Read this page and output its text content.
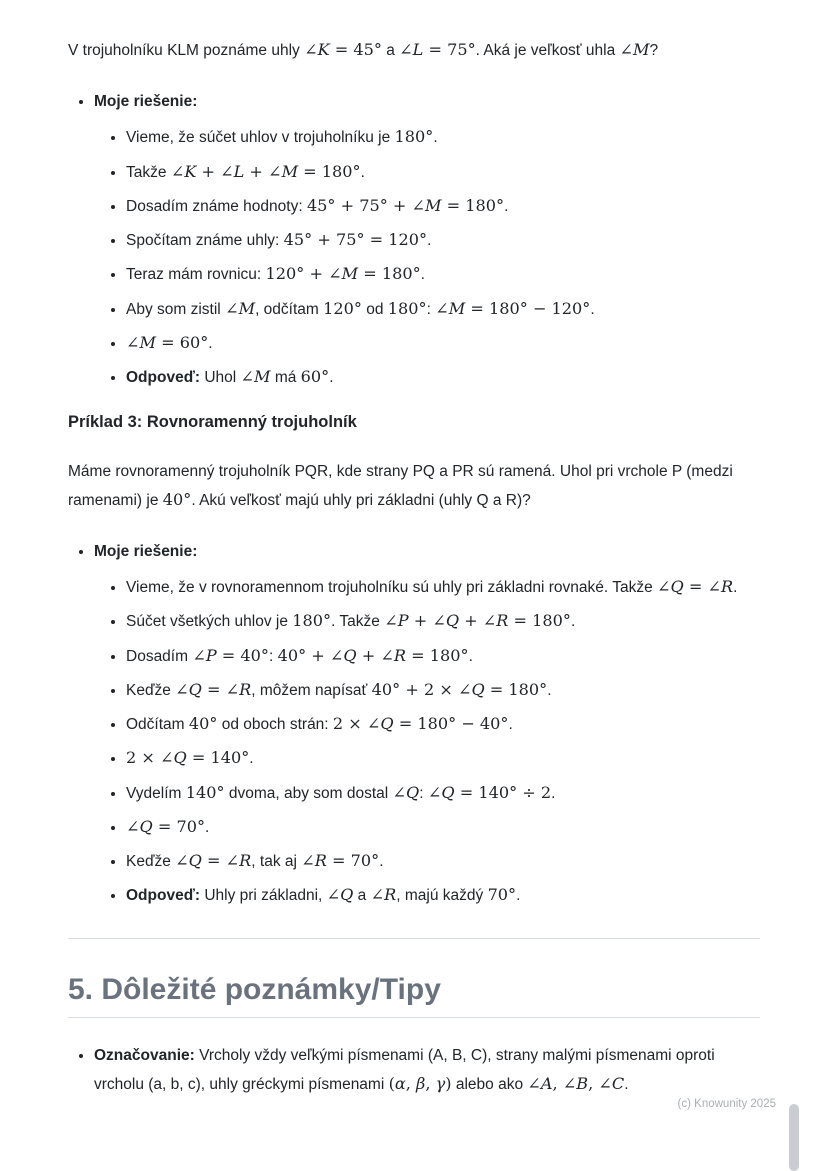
V trojuholníku KLM poznáme uhly ∠K = 45° a ∠L = 75°. Aká je veľkosť uhla ∠M?

• Moje riešenie:
• Vieme, že súčet uhlov v trojuholníku je 180°.
• Takže ∠K + ∠L + ∠M = 180°.
• Dosadím známe hodnoty: 45° + 75° + ∠M = 180°.
• Spočítam známe uhly: 45° + 75° = 120°.
• Teraz mám rovnicu: 120° + ∠M = 180°.
• Aby som zistil ∠M, odčítam 120° od 180°: ∠M = 180° − 120°.
• ∠M = 60°.
• Odpoveď: Uhol ∠M má 60°.
Príklad 3: Rovnoramenný trojuholník

Máme rovnoramenný trojuholník PQR, kde strany PQ a PR sú ramená. Uhol pri vrchole P (medzi ramenami) je 40°. Akú veľkosť majú uhly pri základni (uhly Q a R)?

• Moje riešenie:
• Vieme, že v rovnoramennom trojuholníku sú uhly pri základni rovnaké. Takže ∠Q = ∠R.
• Súčet všetkých uhlov je 180°. Takže ∠P + ∠Q + ∠R = 180°.
• Dosadím ∠P = 40°: 40° + ∠Q + ∠R = 180°.
• Keďže ∠Q = ∠R, môžem napísať 40° + 2 × ∠Q = 180°.
• Odčítam 40° od oboch strán: 2 × ∠Q = 180° − 40°.
• 2 × ∠Q = 140°.
• Vydelím 140° dvoma, aby som dostal ∠Q: ∠Q = 140° ÷ 2.
• ∠Q = 70°.
• Keďže ∠Q = ∠R, tak aj ∠R = 70°.
• Odpoveď: Uhly pri základni, ∠Q a ∠R, majú každý 70°.
5. Dôležité poznámky/Tipy
• Označovanie: Vrcholy vždy veľkými písmenami (A, B, C), strany malými písmenami oproti vrcholu (a, b, c), uhly gréckymi písmenami (α, β, γ) alebo ako ∠A, ∠B, ∠C.
(c) Knowunity 2025
